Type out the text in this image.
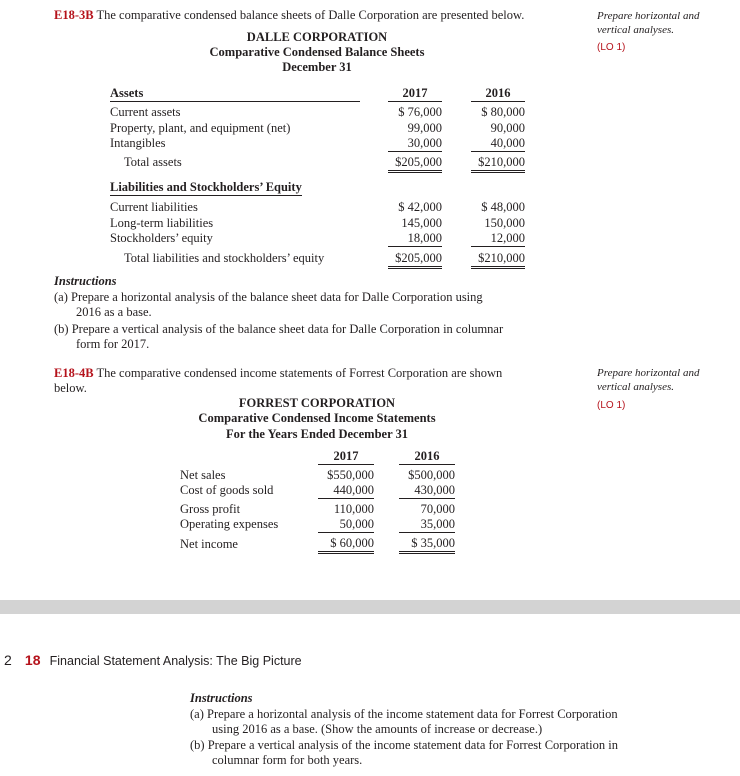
E18-3B The comparative condensed balance sheets of Dalle Corporation are presented below.	Prepare horizontal and
vertical analyses.
(LO 1)
DALLE CORPORATION
Comparative Condensed Balance Sheets
December 31
Assets	2017	2016
Current assets	$ 76,000	$ 80,000
Property, plant, and equipment (net)	99,000	90,000
Intangibles	30,000	40,000
Total assets	$205,000	$210,000
Liabilities and Stockholders’ Equity
Current liabilities	$ 42,000	$ 48,000
Long-term liabilities	145,000	150,000
Stockholders’ equity	18,000	12,000
Total liabilities and stockholders’ equity	$205,000	$210,000
Instructions
(a) Prepare a horizontal analysis of the balance sheet data for Dalle Corporation using
2016 as a base.
(b) Prepare a vertical analysis of the balance sheet data for Dalle Corporation in columnar
form for 2017.
E18-4B The comparative condensed income statements of Forrest Corporation are shown
below.
Prepare horizontal and
vertical analyses.
(LO 1)
FORREST CORPORATION
Comparative Condensed Income Statements
For the Years Ended December 31
2017	2016
Net sales	$550,000	$500,000
Cost of goods sold	440,000	430,000
Gross profit	110,000	70,000
Operating expenses	50,000	35,000
Net income	$ 60,000	$ 35,000
2 18 Financial Statement Analysis: The Big Picture
Instructions
(a) Prepare a horizontal analysis of the income statement data for Forrest Corporation
using 2016 as a base. (Show the amounts of increase or decrease.)
(b) Prepare a vertical analysis of the income statement data for Forrest Corporation in
columnar form for both years.
